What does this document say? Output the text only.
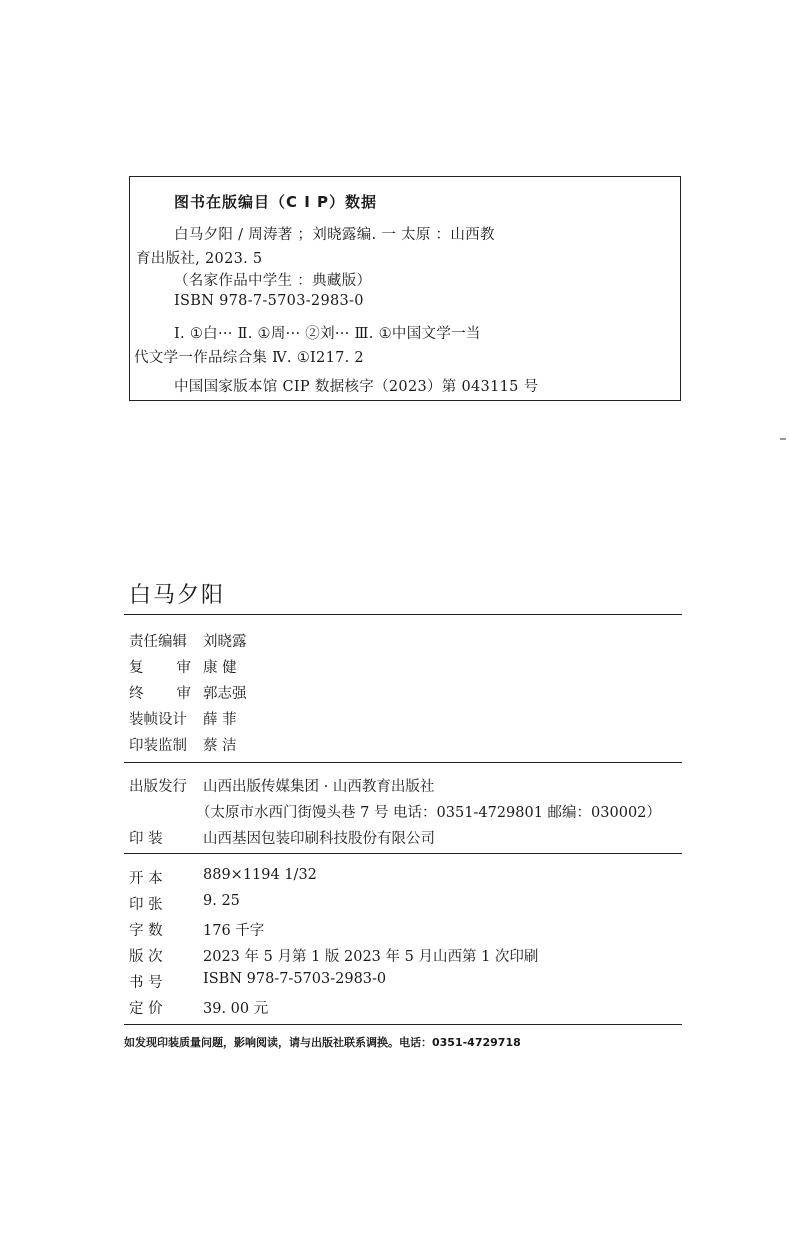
图书在版编目（C I P）数据
白马夕阳 / 周涛著 ；刘晓露编. 一 太原 ：山西教
育出版社, 2023. 5
（名家作品中学生 ：典藏版）
ISBN 978-7-5703-2983-0
Ⅰ. ①白··· Ⅱ. ①周··· ②刘··· Ⅲ. ①中国文学一当
代文学一作品综合集 Ⅳ. ①I217. 2
中国国家版本馆 CIP 数据核字（2023）第 043115 号
白马夕阳
责任编辑
复 审
终 审
装帧设计
印装监制
刘晓露
康 健
郭志强
薛 菲
蔡 洁
出版发行 山西出版传媒集团 · 山西教育出版社
（太原市水西门街馒头巷 7 号 电话：0351-4729801 邮编：030002）
印 装	山西基因包装印刷科技股份有限公司
开 本
印 张
字 数
版 次
书 号
定 价
889×1194 1/32
9. 25
176 千字
2023 年 5 月第 1 版 2023 年 5 月山西第 1 次印刷
ISBN 978-7-5703-2983-0
39. 00 元
如发现印装质量问题，影响阅读，请与出版社联系调换。电话：0351-4729718
